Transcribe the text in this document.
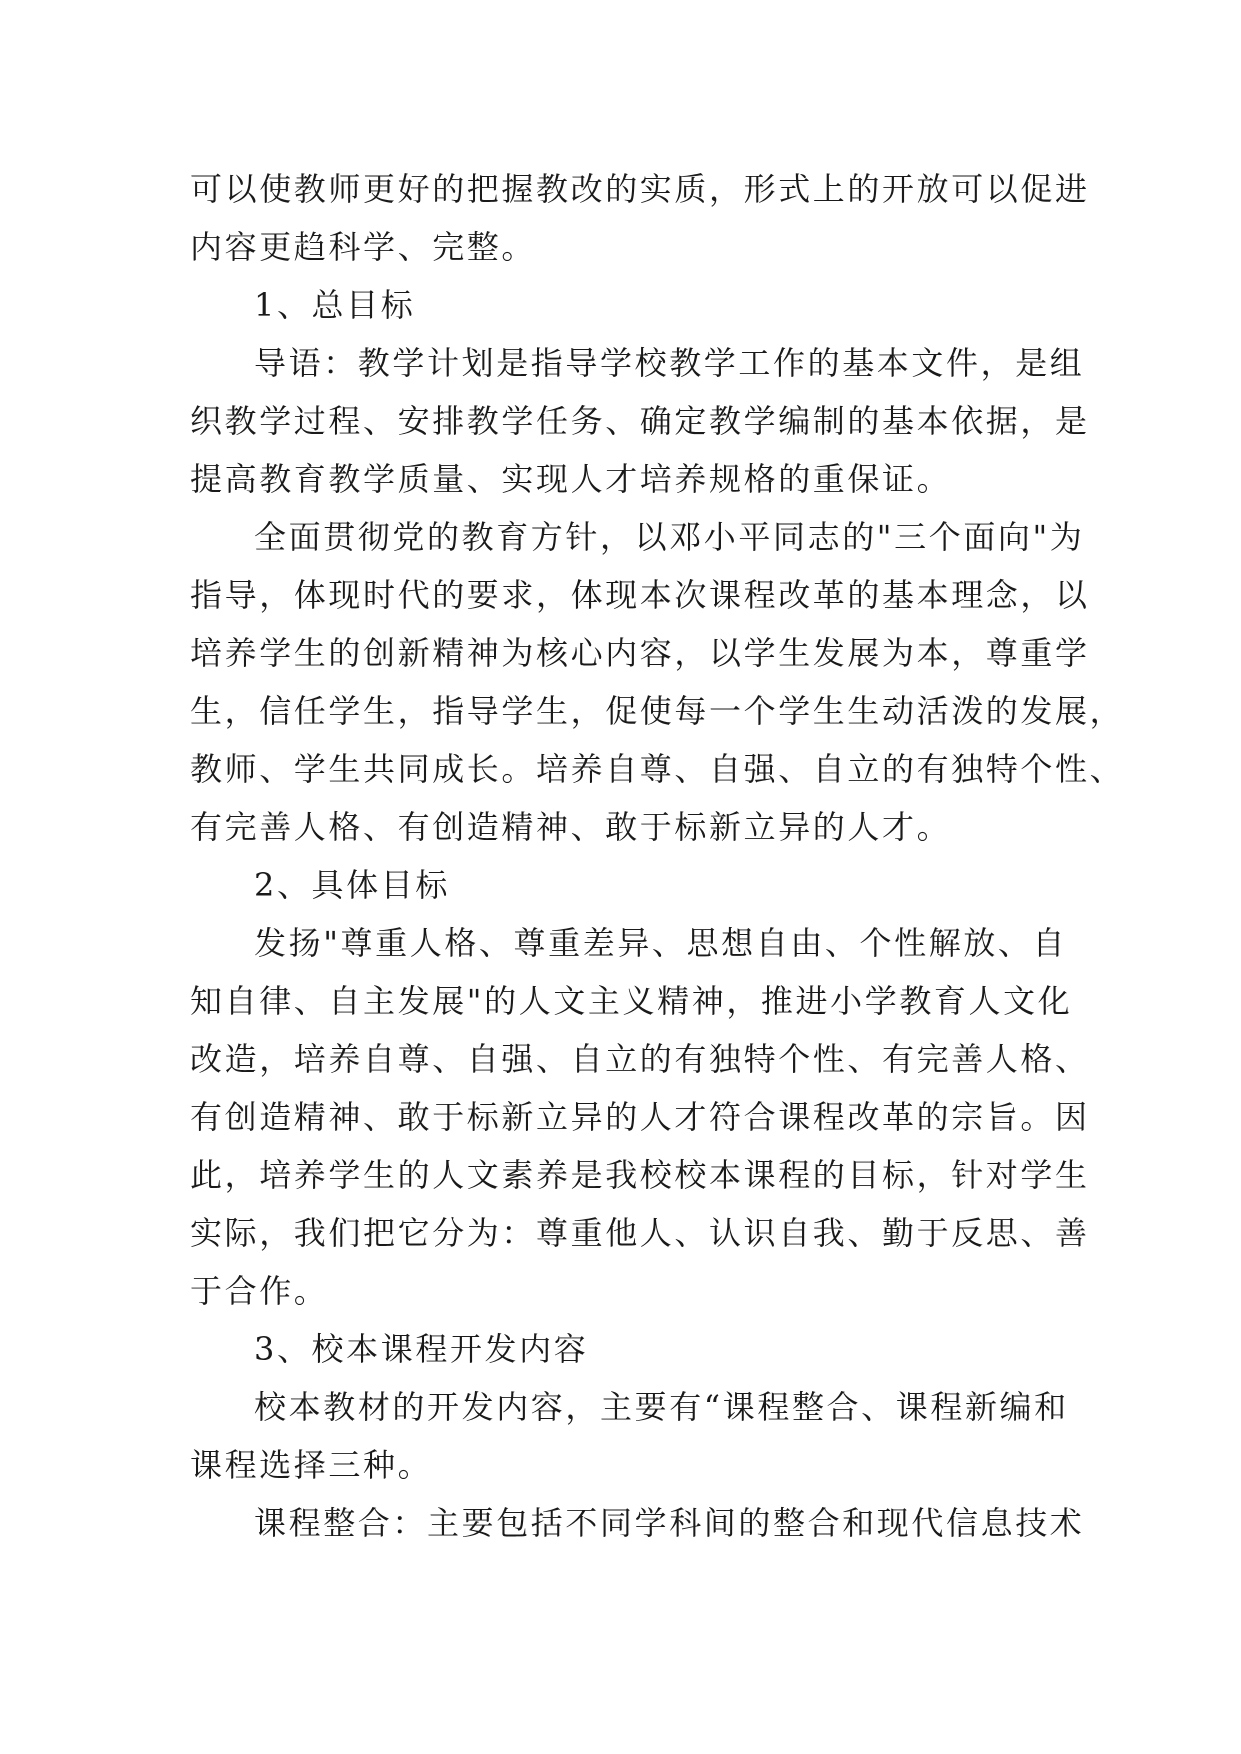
可以使教师更好的把握教改的实质，形式上的开放可以促进
内容更趋科学、完整。
1、总目标
导语：教学计划是指导学校教学工作的基本文件，是组
织教学过程、安排教学任务、确定教学编制的基本依据，是
提高教育教学质量、实现人才培养规格的重保证。
全面贯彻党的教育方针，以邓小平同志的"三个面向"为
指导，体现时代的要求，体现本次课程改革的基本理念，以
培养学生的创新精神为核心内容，以学生发展为本，尊重学
生，信任学生，指导学生，促使每一个学生生动活泼的发展，
教师、学生共同成长。培养自尊、自强、自立的有独特个性、
有完善人格、有创造精神、敢于标新立异的人才。
2、具体目标
发扬"尊重人格、尊重差异、思想自由、个性解放、自
知自律、自主发展"的人文主义精神，推进小学教育人文化
改造，培养自尊、自强、自立的有独特个性、有完善人格、
有创造精神、敢于标新立异的人才符合课程改革的宗旨。因
此，培养学生的人文素养是我校校本课程的目标，针对学生
实际，我们把它分为：尊重他人、认识自我、勤于反思、善
于合作。
3、校本课程开发内容
校本教材的开发内容，主要有“课程整合、课程新编和
课程选择三种。
课程整合：主要包括不同学科间的整合和现代信息技术
